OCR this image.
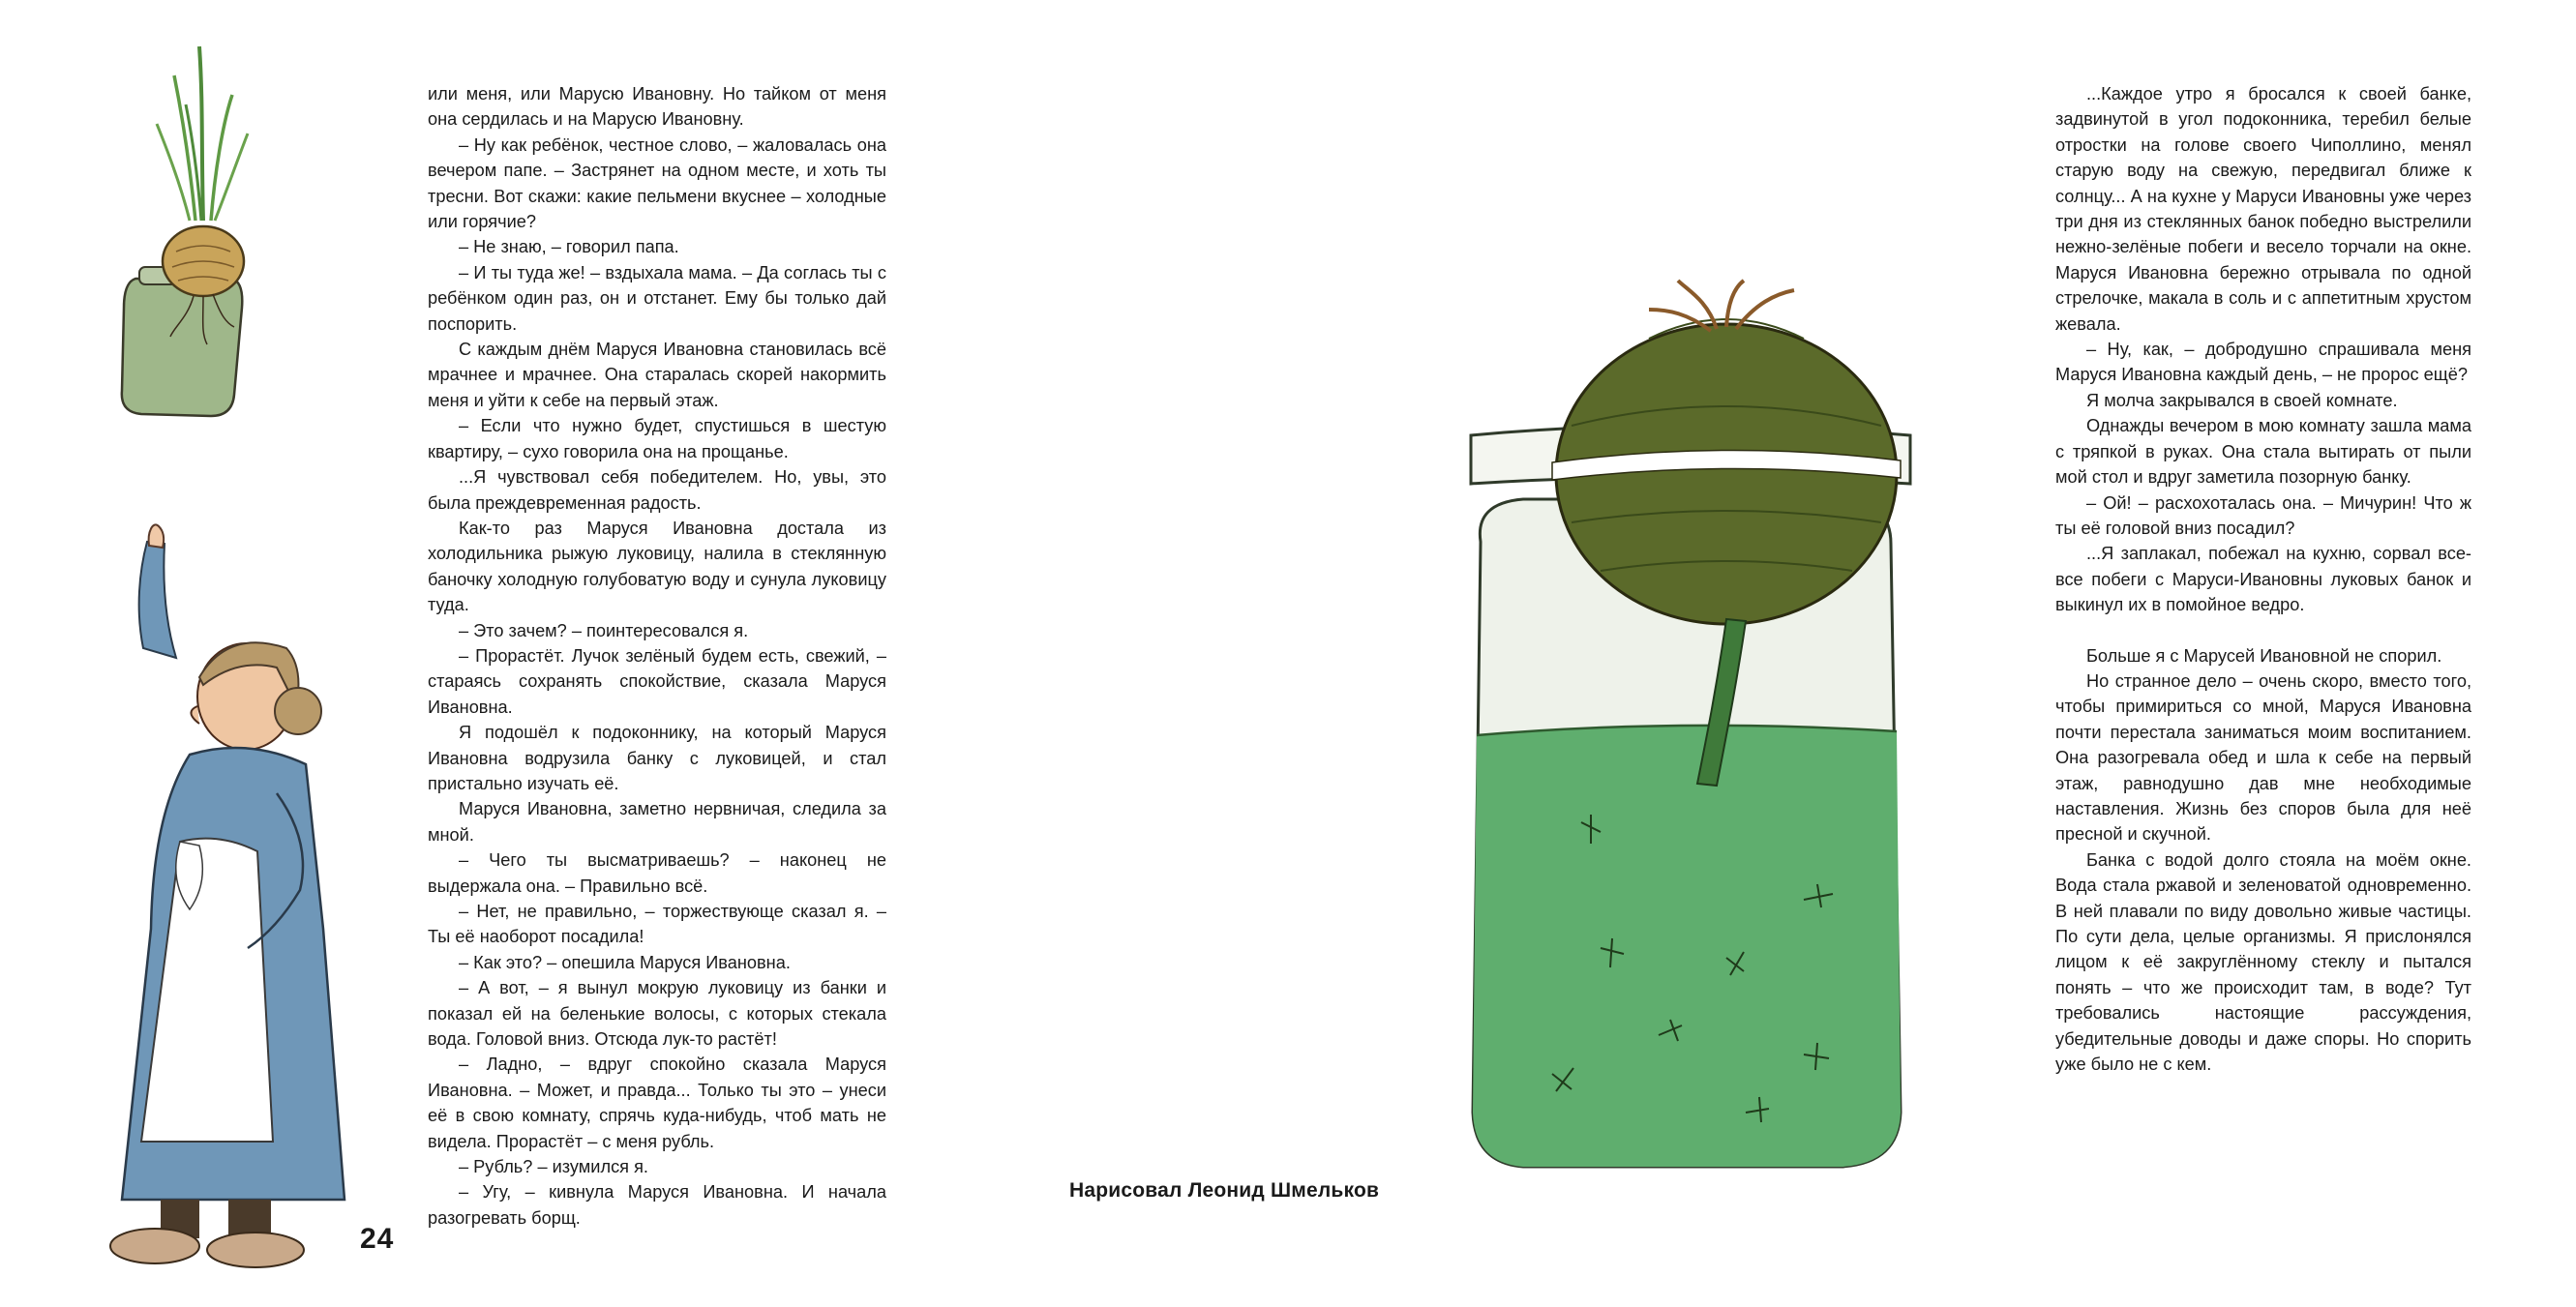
или меня, или Марусю Ивановну. Но тайком от меня она сердилась и на Марусю Ивановну.

– Ну как ребёнок, честное слово, – жаловалась она вечером папе. – Застрянет на одном месте, и хоть ты тресни. Вот скажи: какие пельмени вкуснее – холодные или горячие?

– Не знаю, – говорил папа.

– И ты туда же! – вздыхала мама. – Да соглась ты с ребёнком один раз, он и отстанет. Ему бы только дай поспорить.

С каждым днём Маруся Ивановна становилась всё мрачнее и мрачнее. Она старалась скорей накормить меня и уйти к себе на первый этаж.

– Если что нужно будет, спустишься в шестую квартиру, – сухо говорила она на прощанье.

...Я чувствовал себя победителем. Но, увы, это была преждевременная радость.

Как-то раз Маруся Ивановна достала из холодильника рыжую луковицу, налила в стеклянную баночку холодную голубоватую воду и сунула луковицу туда.

– Это зачем? – поинтересовался я.

– Прорастёт. Лучок зелёный будем есть, свежий, – стараясь сохранять спокойствие, сказала Маруся Ивановна.

Я подошёл к подоконнику, на который Маруся Ивановна водрузила банку с луковицей, и стал пристально изучать её.

Маруся Ивановна, заметно нервничая, следила за мной.

– Чего ты высматриваешь? – наконец не выдержала она. – Правильно всё.

– Нет, не правильно, – торжествующе сказал я. – Ты её наоборот посадила!

– Как это? – опешила Маруся Ивановна.

– А вот, – я вынул мокрую луковицу из банки и показал ей на беленькие волосы, с которых стекала вода. Головой вниз. Отсюда лук-то растёт!

– Ладно, – вдруг спокойно сказала Маруся Ивановна. – Может, и правда... Только ты это – унеси её в свою комнату, спрячь куда-нибудь, чтоб мать не видела. Прорастёт – с меня рубль.

– Рубль? – изумился я.

– Угу, – кивнула Маруся Ивановна. И начала разогревать борщ.

24

...Каждое утро я бросался к своей банке, задвинутой в угол подоконника, теребил белые отростки на голове своего Чиполлино, менял старую воду на свежую, передвигал ближе к солнцу... А на кухне у Маруси Ивановны уже через три дня из стеклянных банок победно выстрелили нежно-зелёные побеги и весело торчали на окне. Маруся Ивановна бережно отрывала по одной стрелочке, макала в соль и с аппетитным хрустом жевала.

– Ну, как, – добродушно спрашивала меня Маруся Ивановна каждый день, – не пророс ещё?

Я молча закрывался в своей комнате.

Однажды вечером в мою комнату зашла мама с тряпкой в руках. Она стала вытирать от пыли мой стол и вдруг заметила позорную банку.

– Ой! – расхохоталась она. – Мичурин! Что ж ты её головой вниз посадил?

...Я заплакал, побежал на кухню, сорвал все-все побеги с Маруси-Ивановны луковых банок и выкинул их в помойное ведро.

Больше я с Марусей Ивановной не спорил.

Но странное дело – очень скоро, вместо того, чтобы примириться со мной, Маруся Ивановна почти перестала заниматься моим воспитанием. Она разогревала обед и шла к себе на первый этаж, равнодушно дав мне необходимые наставления. Жизнь без споров была для неё пресной и скучной.

Банка с водой долго стояла на моём окне. Вода стала ржавой и зеленоватой одновременно. В ней плавали по виду довольно живые частицы. По сути дела, целые организмы. Я прислонялся лицом к её закруглённому стеклу и пытался понять – что же происходит там, в воде? Тут требовались настоящие рассуждения, убедительные доводы и даже споры. Но спорить уже было не с кем.

Нарисовал Леонид Шмельков
